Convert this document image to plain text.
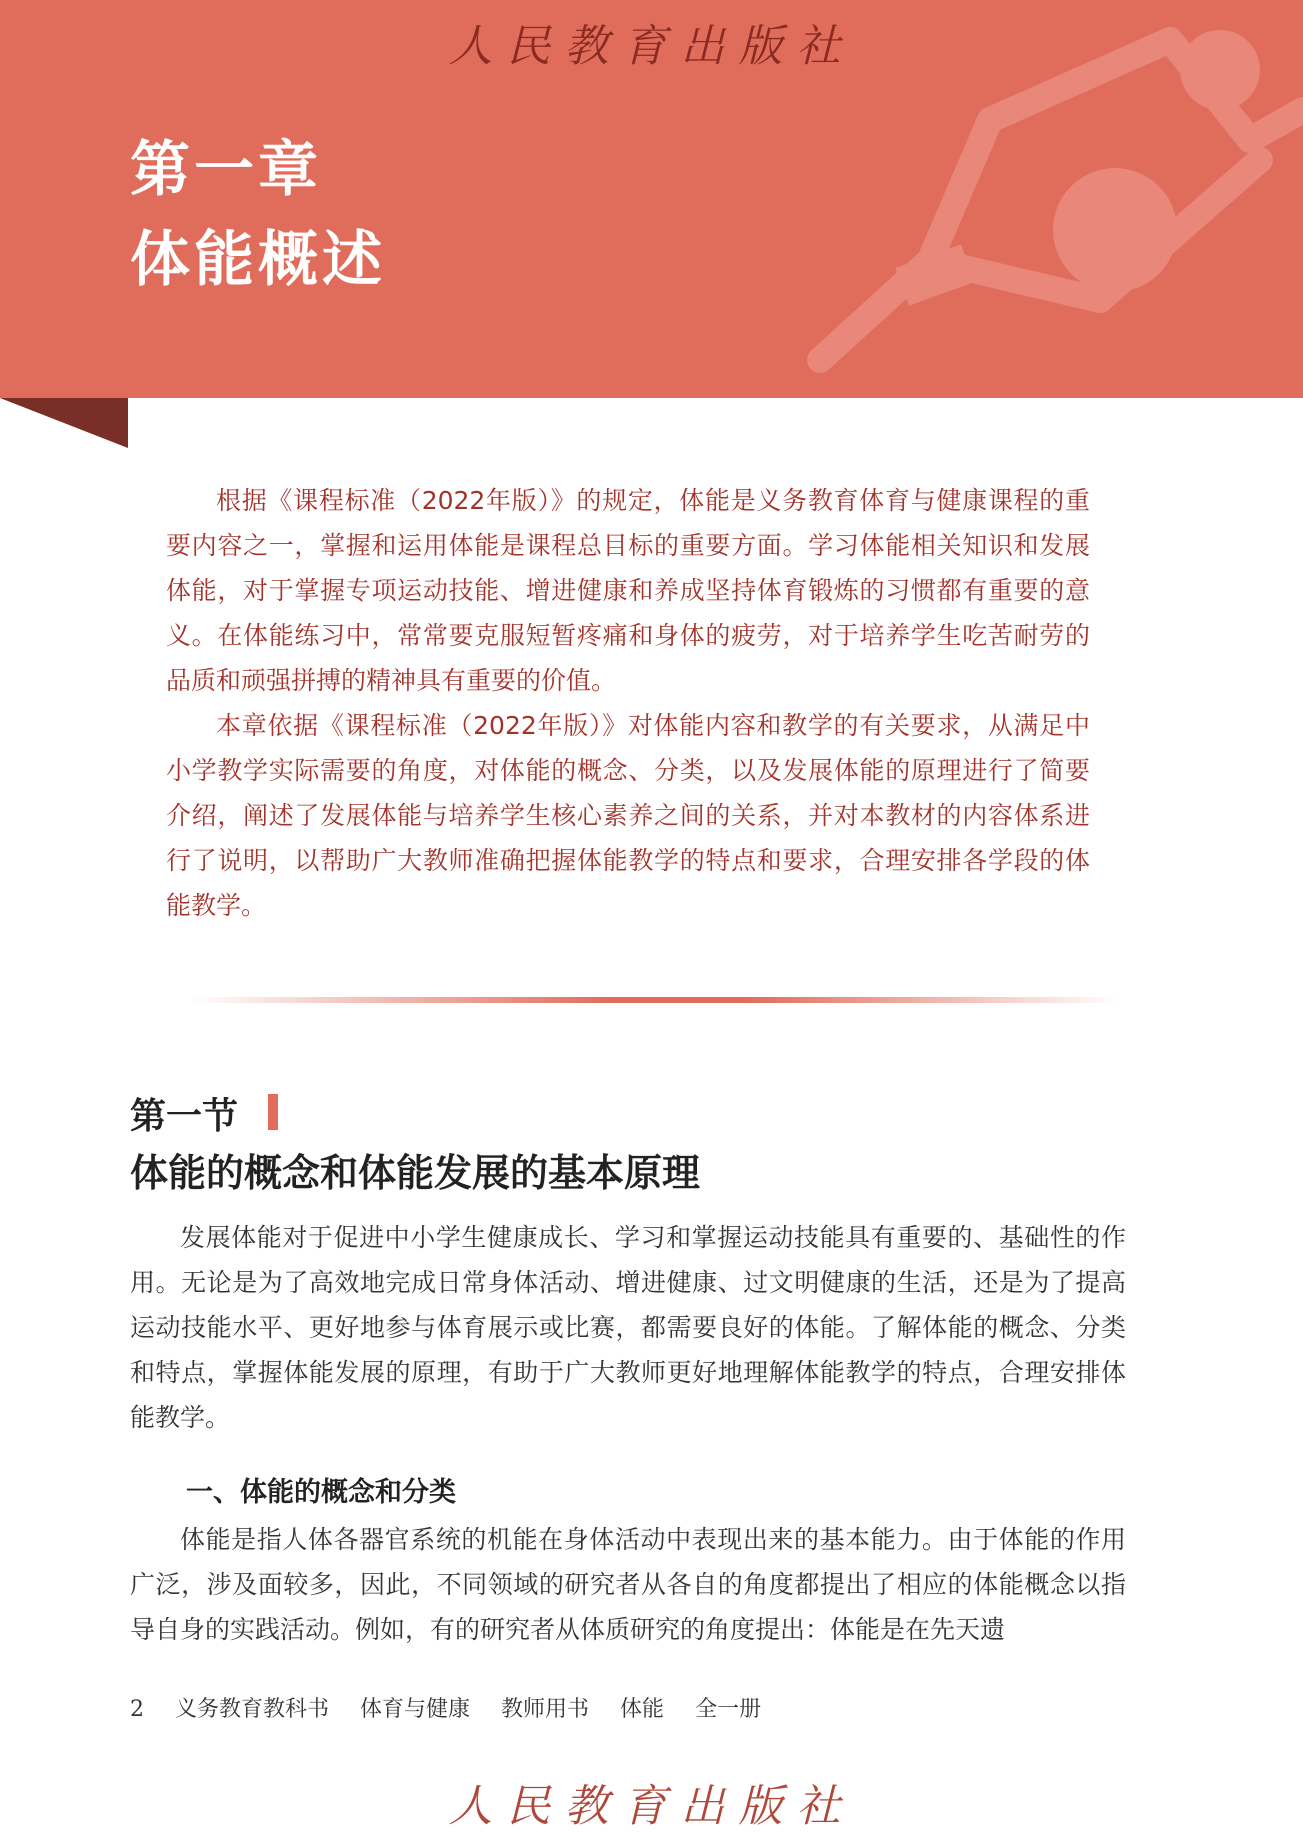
人民教育出版社
第一章
体能概述

根据《课程标准（2022年版）》的规定，体能是义务教育体育与健康课程的重要内容之一，掌握和运用体能是课程总目标的重要方面。学习体能相关知识和发展体能，对于掌握专项运动技能、增进健康和养成坚持体育锻炼的习惯都有重要的意义。在体能练习中，常常要克服短暂疼痛和身体的疲劳，对于培养学生吃苦耐劳的品质和顽强拼搏的精神具有重要的价值。

本章依据《课程标准（2022年版）》对体能内容和教学的有关要求，从满足中小学教学实际需要的角度，对体能的概念、分类，以及发展体能的原理进行了简要介绍，阐述了发展体能与培养学生核心素养之间的关系，并对本教材的内容体系进行了说明，以帮助广大教师准确把握体能教学的特点和要求，合理安排各学段的体能教学。

第一节
体能的概念和体能发展的基本原理

发展体能对于促进中小学生健康成长、学习和掌握运动技能具有重要的、基础性的作用。无论是为了高效地完成日常身体活动、增进健康、过文明健康的生活，还是为了提高运动技能水平、更好地参与体育展示或比赛，都需要良好的体能。了解体能的概念、分类和特点，掌握体能发展的原理，有助于广大教师更好地理解体能教学的特点，合理安排体能教学。

一、体能的概念和分类

体能是指人体各器官系统的机能在身体活动中表现出来的基本能力。由于体能的作用广泛，涉及面较多，因此，不同领域的研究者从各自的角度都提出了相应的体能概念以指导自身的实践活动。例如，有的研究者从体质研究的角度提出：体能是在先天遗

2 义务教育教科书 体育与健康 教师用书 体能 全一册
人民教育出版社
